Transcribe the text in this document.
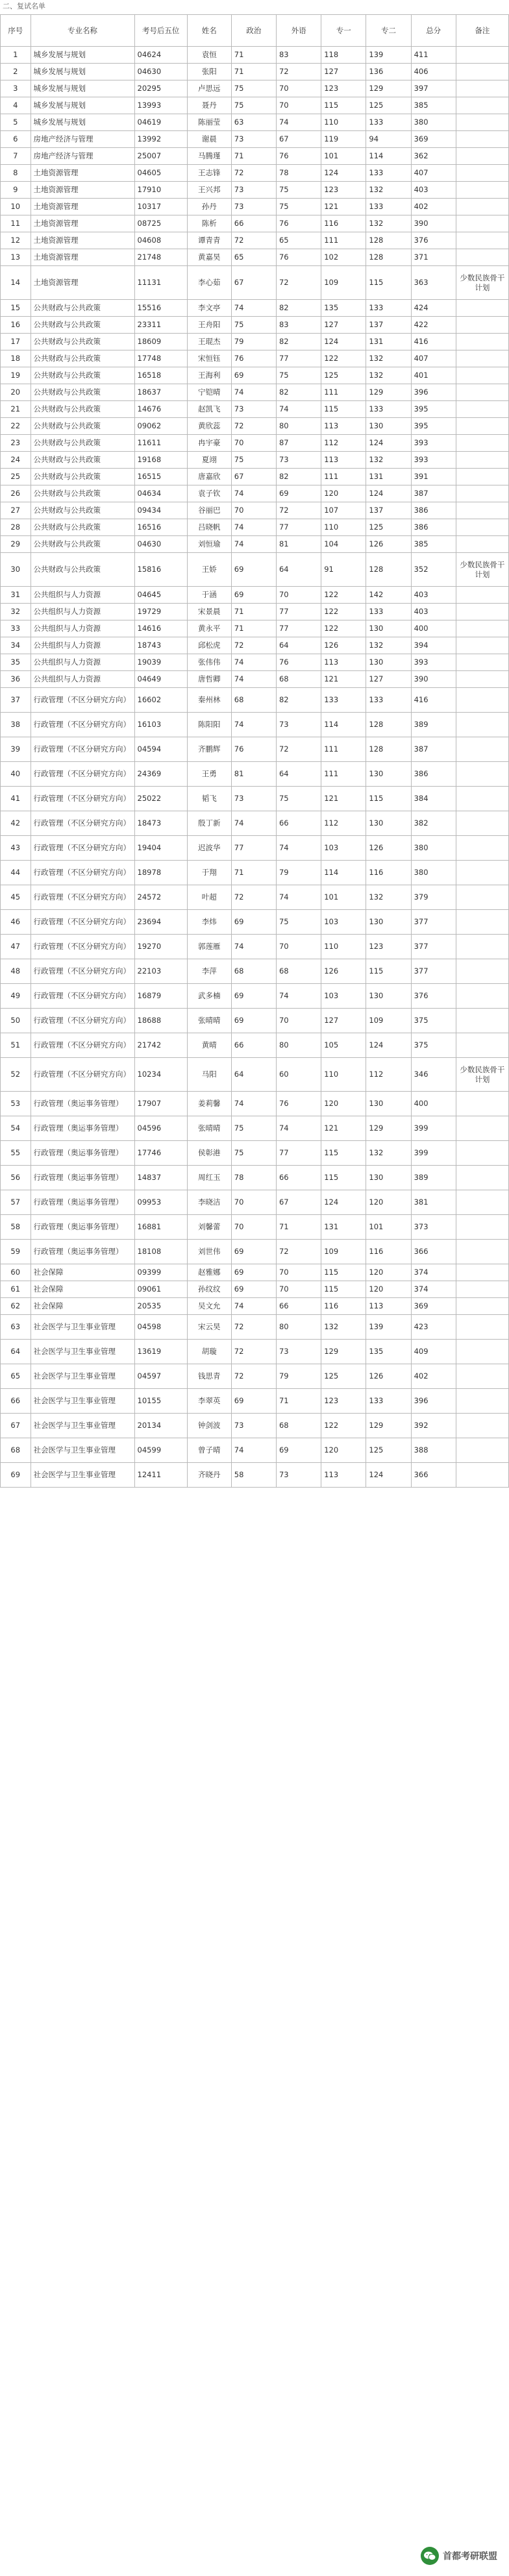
二、复试名单
序号	专业名称	考号后五位	姓名	政治	外语	专一	专二	总分	备注
1	城乡发展与规划	04624	袁恒	71	83	118	139	411	
2	城乡发展与规划	04630	张阳	71	72	127	136	406	
3	城乡发展与规划	20295	卢思远	75	70	123	129	397	
4	城乡发展与规划	13993	聂丹	75	70	115	125	385	
5	城乡发展与规划	04619	陈丽莹	63	74	110	133	380	
6	房地产经济与管理	13992	谢晨	73	67	119	94	369	
7	房地产经济与管理	25007	马腾瑾	71	76	101	114	362	
8	土地资源管理	04605	王志锋	72	78	124	133	407	
9	土地资源管理	17910	王兴邦	73	75	123	132	403	
10	土地资源管理	10317	孙丹	73	75	121	133	402	
11	土地资源管理	08725	陈析	66	76	116	132	390	
12	土地资源管理	04608	谭青青	72	65	111	128	376	
13	土地资源管理	21748	黄嘉昊	65	76	102	128	371	
14	土地资源管理	11131	李心茹	67	72	109	115	363	少数民族骨干计划
15	公共财政与公共政策	15516	李文亭	74	82	135	133	424	
16	公共财政与公共政策	23311	王舟阳	75	83	127	137	422	
17	公共财政与公共政策	18609	王琨杰	79	82	124	131	416	
18	公共财政与公共政策	17748	宋恒钰	76	77	122	132	407	
19	公共财政与公共政策	16518	王海利	69	75	125	132	401	
20	公共财政与公共政策	18637	宁铠晴	74	82	111	129	396	
21	公共财政与公共政策	14676	赵凯飞	73	74	115	133	395	
22	公共财政与公共政策	09062	黄欣蕊	72	80	113	130	395	
23	公共财政与公共政策	11611	冉宇豪	70	87	112	124	393	
24	公共财政与公共政策	19168	夏翊	75	73	113	132	393	
25	公共财政与公共政策	16515	唐嘉欣	67	82	111	131	391	
26	公共财政与公共政策	04634	袁子钦	74	69	120	124	387	
27	公共财政与公共政策	09434	谷丽巴	70	72	107	137	386	
28	公共财政与公共政策	16516	吕晓帆	74	77	110	125	386	
29	公共财政与公共政策	04630	刘恒瑜	74	81	104	126	385	
30	公共财政与公共政策	15816	王娇	69	64	91	128	352	少数民族骨干计划
31	公共组织与人力资源	04645	于涵	69	70	122	142	403	
32	公共组织与人力资源	19729	宋景晨	71	77	122	133	403	
33	公共组织与人力资源	14616	黄永平	71	77	122	130	400	
34	公共组织与人力资源	18743	邱松虎	72	64	126	132	394	
35	公共组织与人力资源	19039	张伟伟	74	76	113	130	393	
36	公共组织与人力资源	04649	唐哲卿	74	68	121	127	390	
37	行政管理（不区分研究方向）	16602	秦州林	68	82	133	133	416	
38	行政管理（不区分研究方向）	16103	陈阳阳	74	73	114	128	389	
39	行政管理（不区分研究方向）	04594	齐鹏辉	76	72	111	128	387	
40	行政管理（不区分研究方向）	24369	王勇	81	64	111	130	386	
41	行政管理（不区分研究方向）	25022	韬飞	73	75	121	115	384	
42	行政管理（不区分研究方向）	18473	殷丁新	74	66	112	130	382	
43	行政管理（不区分研究方向）	19404	迟波华	77	74	103	126	380	
44	行政管理（不区分研究方向）	18978	于翔	71	79	114	116	380	
45	行政管理（不区分研究方向）	24572	叶超	72	74	101	132	379	
46	行政管理（不区分研究方向）	23694	李炜	69	75	103	130	377	
47	行政管理（不区分研究方向）	19270	郭莲雁	74	70	110	123	377	
48	行政管理（不区分研究方向）	22103	李萍	68	68	126	115	377	
49	行政管理（不区分研究方向）	16879	武多楠	69	74	103	130	376	
50	行政管理（不区分研究方向）	18688	张晴晴	69	70	127	109	375	
51	行政管理（不区分研究方向）	21742	黄晴	66	80	105	124	375	
52	行政管理（不区分研究方向）	10234	马阳	64	60	110	112	346	少数民族骨干计划
53	行政管理（奥运事务管理）	17907	姜莉馨	74	76	120	130	400	
54	行政管理（奥运事务管理）	04596	张晴晴	75	74	121	129	399	
55	行政管理（奥运事务管理）	17746	侯彰港	75	77	115	132	399	
56	行政管理（奥运事务管理）	14837	周红玉	78	66	115	130	389	
57	行政管理（奥运事务管理）	09953	李晓洁	70	67	124	120	381	
58	行政管理（奥运事务管理）	16881	刘馨蕾	70	71	131	101	373	
59	行政管理（奥运事务管理）	18108	刘世伟	69	72	109	116	366	
60	社会保障	09399	赵雅娜	69	70	115	120	374	
61	社会保障	09061	孙纹纹	69	70	115	120	374	
62	社会保障	20535	吴文允	74	66	116	113	369	
63	社会医学与卫生事业管理	04598	宋云昊	72	80	132	139	423	
64	社会医学与卫生事业管理	13619	胡璇	72	73	129	135	409	
65	社会医学与卫生事业管理	04597	钱思青	72	79	125	126	402	
66	社会医学与卫生事业管理	10155	李翠英	69	71	123	133	396	
67	社会医学与卫生事业管理	20134	钟剑波	73	68	122	129	392	
68	社会医学与卫生事业管理	04599	曾子晴	74	69	120	125	388	
69	社会医学与卫生事业管理	12411	齐晓丹	58	73	113	124	366	
首都考研联盟
